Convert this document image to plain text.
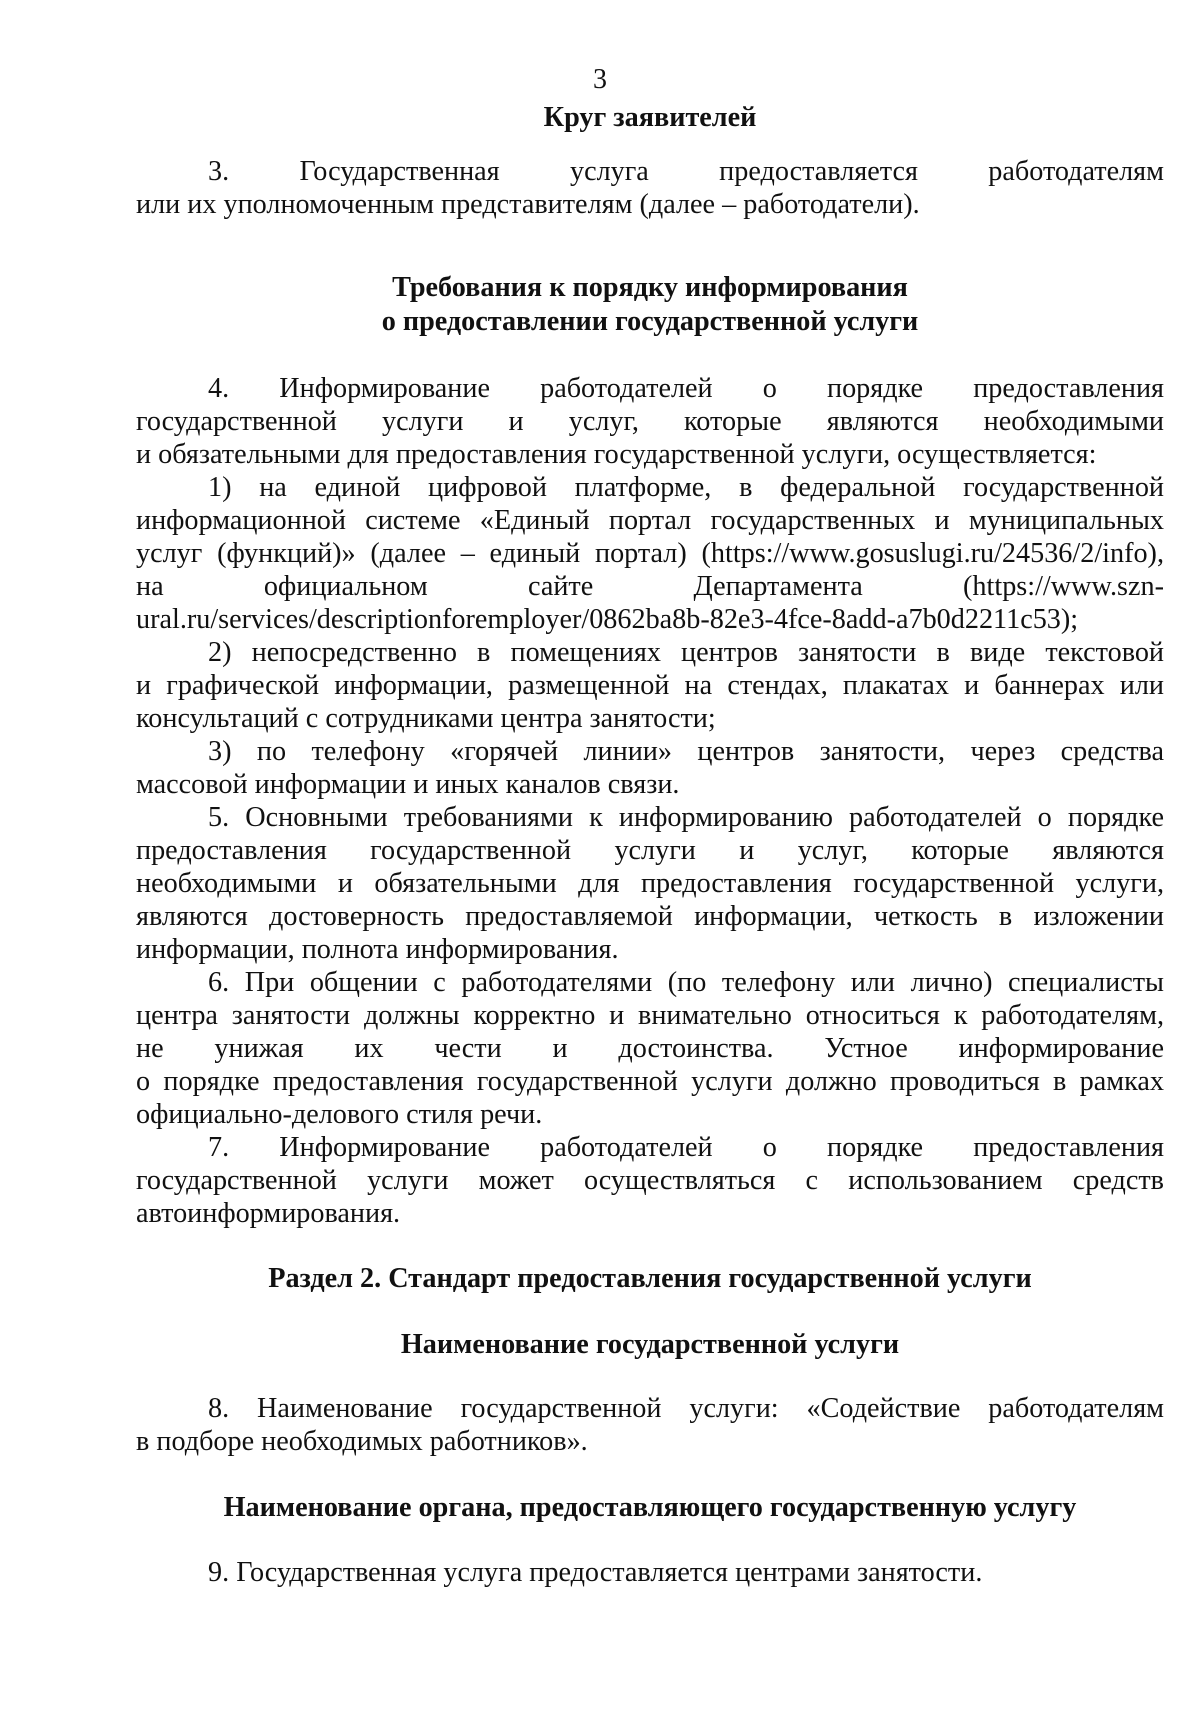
3
Круг заявителей
3. Государственная услуга предоставляется работодателям
или их уполномоченным представителям (далее – работодатели).
Требования к порядку информирования
о предоставлении государственной услуги
4. Информирование работодателей о порядке предоставления
государственной услуги и услуг, которые являются необходимыми
и обязательными для предоставления государственной услуги, осуществляется:
1) на единой цифровой платформе, в федеральной государственной
информационной системе «Единый портал государственных и муниципальных
услуг (функций)» (далее – единый портал) (https://www.gosuslugi.ru/24536/2/info),
на официальном сайте Департамента (https://www.szn-
ural.ru/services/descriptionforemployer/0862ba8b-82e3-4fce-8add-a7b0d2211c53);
2) непосредственно в помещениях центров занятости в виде текстовой
и графической информации, размещенной на стендах, плакатах и баннерах или
консультаций с сотрудниками центра занятости;
3) по телефону «горячей линии» центров занятости, через средства
массовой информации и иных каналов связи.
5. Основными требованиями к информированию работодателей о порядке
предоставления государственной услуги и услуг, которые являются
необходимыми и обязательными для предоставления государственной услуги,
являются достоверность предоставляемой информации, четкость в изложении
информации, полнота информирования.
6. При общении с работодателями (по телефону или лично) специалисты
центра занятости должны корректно и внимательно относиться к работодателям,
не унижая их чести и достоинства. Устное информирование
о порядке предоставления государственной услуги должно проводиться в рамках
официально-делового стиля речи.
7. Информирование работодателей о порядке предоставления
государственной услуги может осуществляться с использованием средств
автоинформирования.
Раздел 2. Стандарт предоставления государственной услуги
Наименование государственной услуги
8. Наименование государственной услуги: «Содействие работодателям
в подборе необходимых работников».
Наименование органа, предоставляющего государственную услугу
9. Государственная услуга предоставляется центрами занятости.
